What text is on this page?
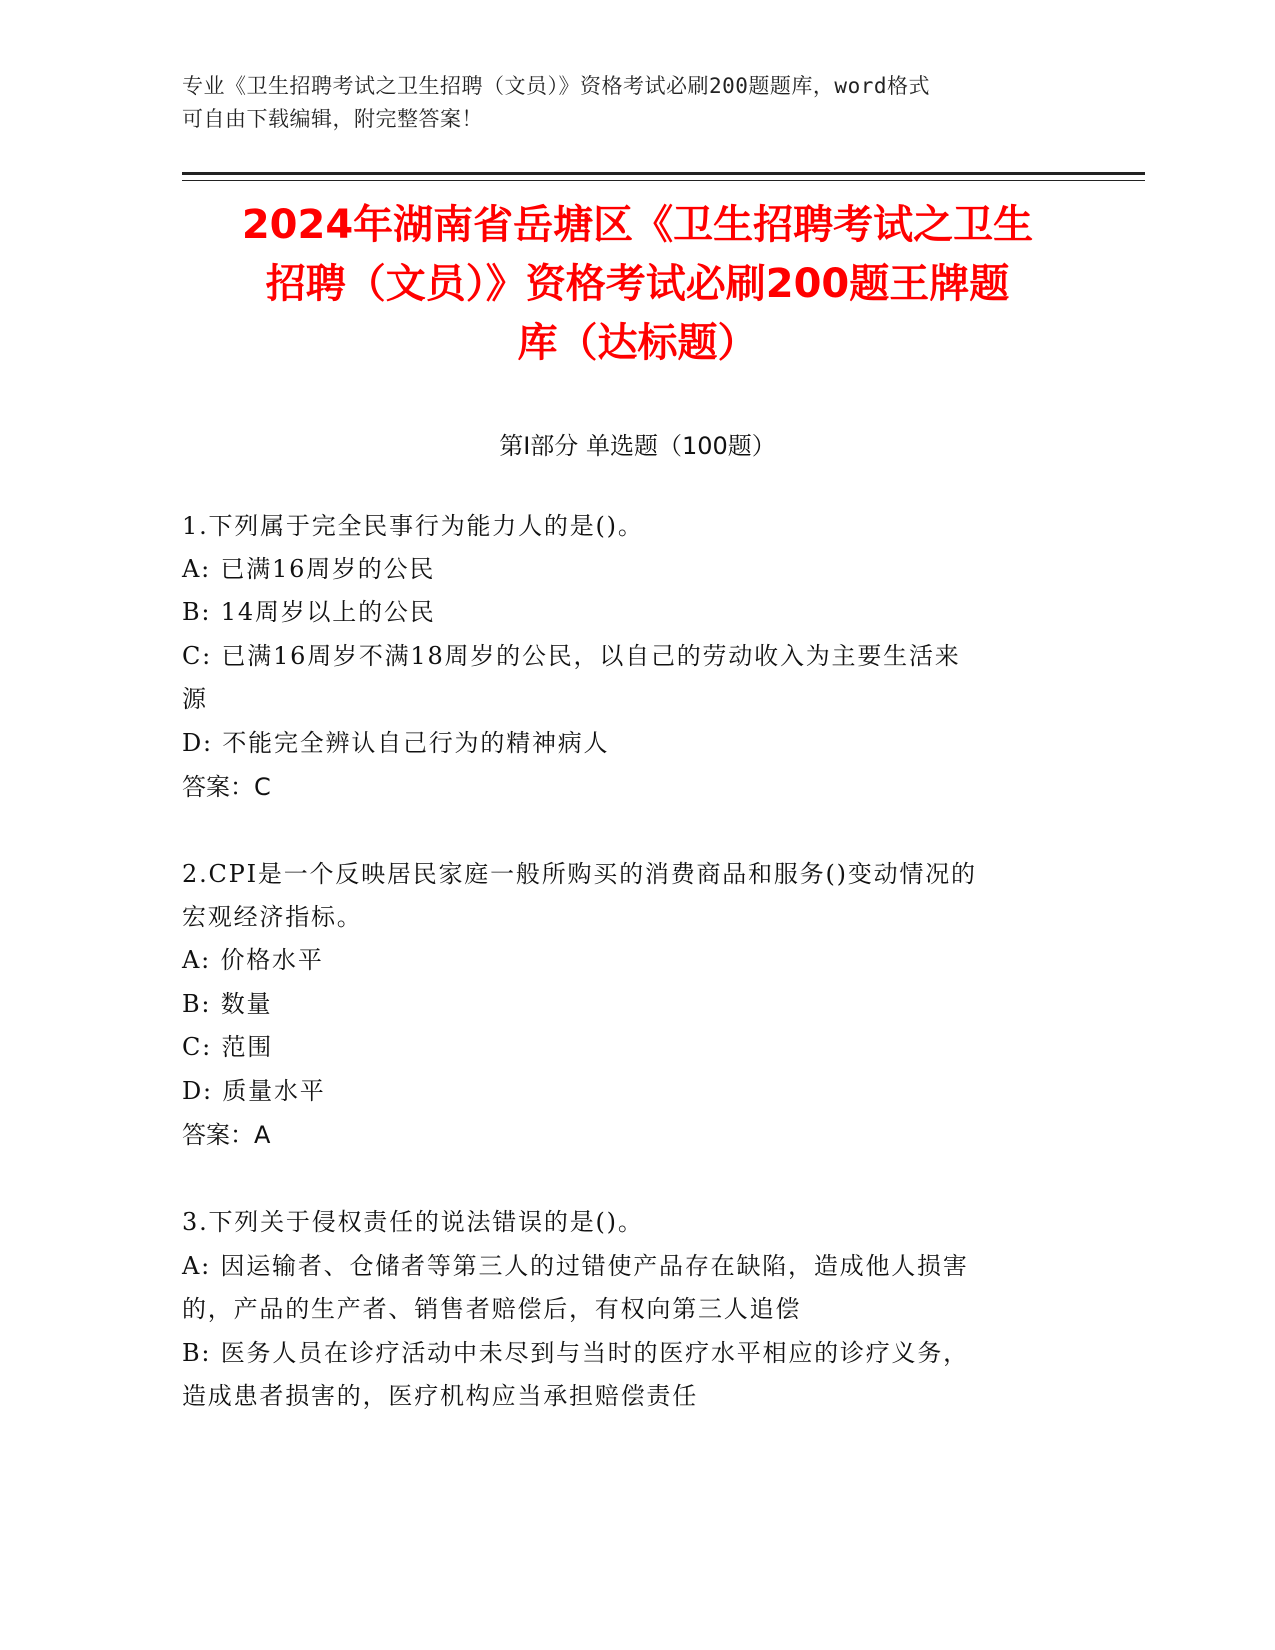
专业《卫生招聘考试之卫生招聘（文员）》资格考试必刷200题题库，word格式
可自由下载编辑，附完整答案！
2024年湖南省岳塘区《卫生招聘考试之卫生
招聘（文员）》资格考试必刷200题王牌题
库（达标题）
第Ⅰ部分 单选题（100题）
1.下列属于完全民事行为能力人的是()。
A: 已满16周岁的公民
B: 14周岁以上的公民
C: 已满16周岁不满18周岁的公民，以自己的劳动收入为主要生活来
源
D: 不能完全辨认自己行为的精神病人
答案：C
2.CPI是一个反映居民家庭一般所购买的消费商品和服务()变动情况的
宏观经济指标。
A: 价格水平
B: 数量
C: 范围
D: 质量水平
答案：A
3.下列关于侵权责任的说法错误的是()。
A: 因运输者、仓储者等第三人的过错使产品存在缺陷，造成他人损害
的，产品的生产者、销售者赔偿后，有权向第三人追偿
B: 医务人员在诊疗活动中未尽到与当时的医疗水平相应的诊疗义务，
造成患者损害的，医疗机构应当承担赔偿责任
